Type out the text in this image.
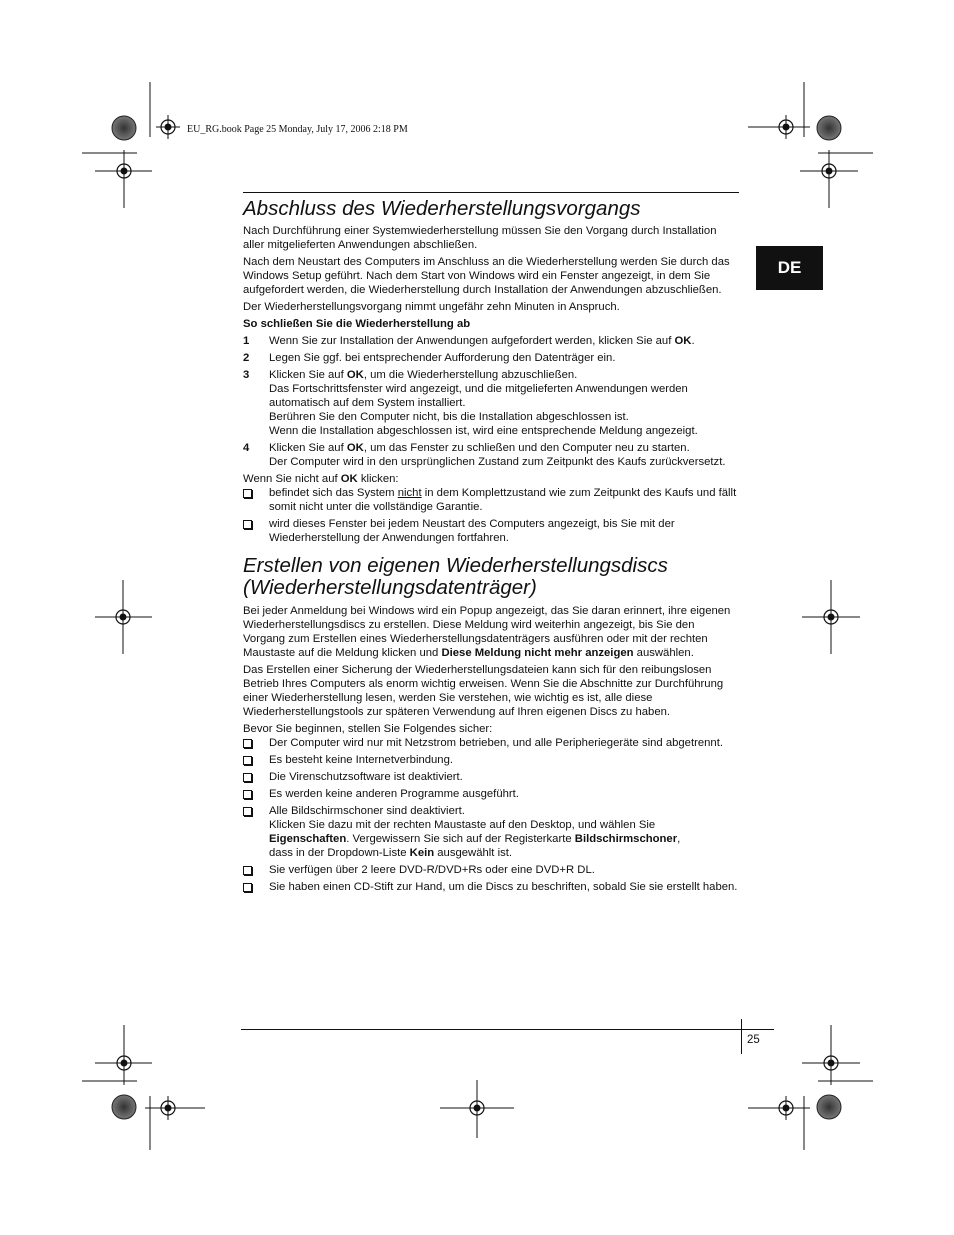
EU_RG.book Page 25 Monday, July 17, 2006 2:18 PM
DE
Abschluss des Wiederherstellungsvorgangs

Nach Durchführung einer Systemwiederherstellung müssen Sie den Vorgang durch Installation aller mitgelieferten Anwendungen abschließen.

Nach dem Neustart des Computers im Anschluss an die Wiederherstellung werden Sie durch das Windows Setup geführt. Nach dem Start von Windows wird ein Fenster angezeigt, in dem Sie aufgefordert werden, die Wiederherstellung durch Installation der Anwendungen abzuschließen.

Der Wiederherstellungsvorgang nimmt ungefähr zehn Minuten in Anspruch.

So schließen Sie die Wiederherstellung ab

1 Wenn Sie zur Installation der Anwendungen aufgefordert werden, klicken Sie auf OK.
2 Legen Sie ggf. bei entsprechender Aufforderung den Datenträger ein.
3 Klicken Sie auf OK, um die Wiederherstellung abzuschließen.
Das Fortschrittsfenster wird angezeigt, und die mitgelieferten Anwendungen werden automatisch auf dem System installiert.
Berühren Sie den Computer nicht, bis die Installation abgeschlossen ist.
Wenn die Installation abgeschlossen ist, wird eine entsprechende Meldung angezeigt.
4 Klicken Sie auf OK, um das Fenster zu schließen und den Computer neu zu starten.
Der Computer wird in den ursprünglichen Zustand zum Zeitpunkt des Kaufs zurückversetzt.

Wenn Sie nicht auf OK klicken:

befindet sich das System nicht in dem Komplettzustand wie zum Zeitpunkt des Kaufs und fällt somit nicht unter die vollständige Garantie.
wird dieses Fenster bei jedem Neustart des Computers angezeigt, bis Sie mit der Wiederherstellung der Anwendungen fortfahren.
Erstellen von eigenen Wiederherstellungsdiscs
(Wiederherstellungsdatenträger)

Bei jeder Anmeldung bei Windows wird ein Popup angezeigt, das Sie daran erinnert, ihre eigenen Wiederherstellungsdiscs zu erstellen. Diese Meldung wird weiterhin angezeigt, bis Sie den Vorgang zum Erstellen eines Wiederherstellungsdatenträgers ausführen oder mit der rechten Maustaste auf die Meldung klicken und Diese Meldung nicht mehr anzeigen auswählen.

Das Erstellen einer Sicherung der Wiederherstellungsdateien kann sich für den reibungslosen Betrieb Ihres Computers als enorm wichtig erweisen. Wenn Sie die Abschnitte zur Durchführung einer Wiederherstellung lesen, werden Sie verstehen, wie wichtig es ist, alle diese Wiederherstellungstools zur späteren Verwendung auf Ihren eigenen Discs zu haben.

Bevor Sie beginnen, stellen Sie Folgendes sicher:

Der Computer wird nur mit Netzstrom betrieben, und alle Peripheriegeräte sind abgetrennt.
Es besteht keine Internetverbindung.
Die Virenschutzsoftware ist deaktiviert.
Es werden keine anderen Programme ausgeführt.
Alle Bildschirmschoner sind deaktiviert.
Klicken Sie dazu mit der rechten Maustaste auf den Desktop, und wählen Sie
Eigenschaften. Vergewissern Sie sich auf der Registerkarte Bildschirmschoner,
dass in der Dropdown-Liste Kein ausgewählt ist.
Sie verfügen über 2 leere DVD-R/DVD+Rs oder eine DVD+R DL.
Sie haben einen CD-Stift zur Hand, um die Discs zu beschriften, sobald Sie sie erstellt haben.
25
